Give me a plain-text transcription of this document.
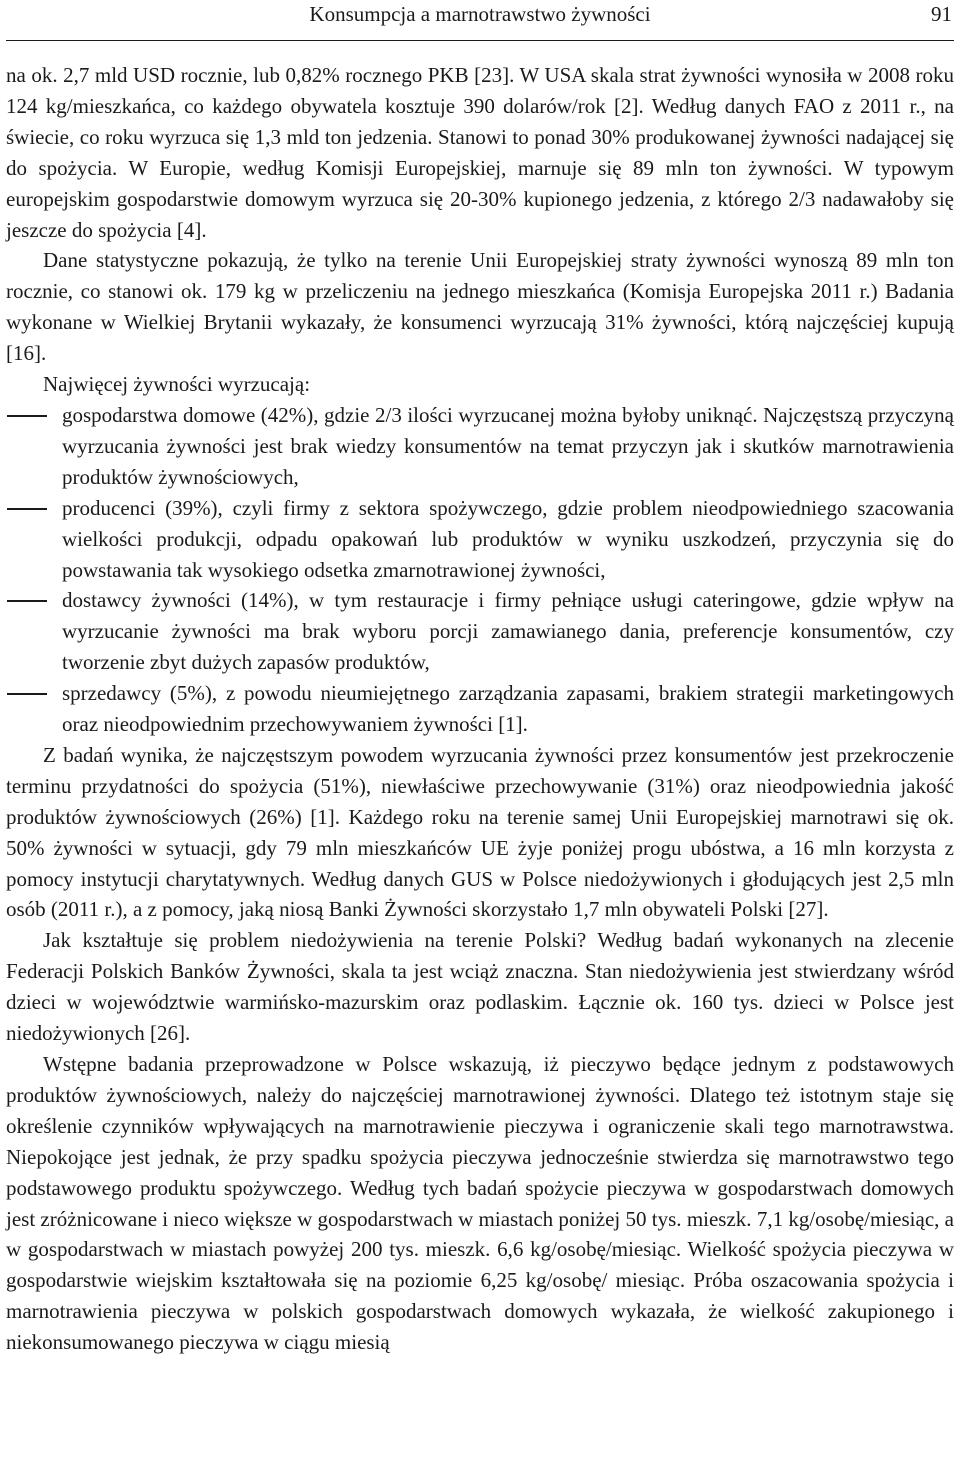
Konsumpcja a marnotrawstwo żywności	91

na ok. 2,7 mld USD rocznie, lub 0,82% rocznego PKB [23]. W USA skala strat żywności wynosiła w 2008 roku 124 kg/mieszkańca, co każdego obywatela kosztuje 390 dolarów/rok [2]. Według danych FAO z 2011 r., na świecie, co roku wyrzuca się 1,3 mld ton jedzenia. Stanowi to ponad 30% produkowanej żywności nadającej się do spożycia. W Europie, według Komisji Europejskiej, marnuje się 89 mln ton żywności. W typowym europejskim gospodarstwie domowym wyrzuca się 20-30% kupionego jedzenia, z którego 2/3 nadawałoby się jeszcze do spożycia [4].

Dane statystyczne pokazują, że tylko na terenie Unii Europejskiej straty żywności wynoszą 89 mln ton rocznie, co stanowi ok. 179 kg w przeliczeniu na jednego mieszkańca (Komisja Europejska 2011 r.) Badania wykonane w Wielkiej Brytanii wykazały, że konsumenci wyrzucają 31% żywności, którą najczęściej kupują [16].

Najwięcej żywności wyrzucają:

gospodarstwa domowe (42%), gdzie 2/3 ilości wyrzucanej można byłoby uniknąć. Najczęstszą przyczyną wyrzucania żywności jest brak wiedzy konsumentów na temat przyczyn jak i skutków marnotrawienia produktów żywnościowych,
producenci (39%), czyli firmy z sektora spożywczego, gdzie problem nieodpowiedniego szacowania wielkości produkcji, odpadu opakowań lub produktów w wyniku uszkodzeń, przyczynia się do powstawania tak wysokiego odsetka zmarnotrawionej żywności,
dostawcy żywności (14%), w tym restauracje i firmy pełniące usługi cateringowe, gdzie wpływ na wyrzucanie żywności ma brak wyboru porcji zamawianego dania, preferencje konsumentów, czy tworzenie zbyt dużych zapasów produktów,
sprzedawcy (5%), z powodu nieumiejętnego zarządzania zapasami, brakiem strategii marketingowych oraz nieodpowiednim przechowywaniem żywności [1].

Z badań wynika, że najczęstszym powodem wyrzucania żywności przez konsumentów jest przekroczenie terminu przydatności do spożycia (51%), niewłaściwe przechowywanie (31%) oraz nieodpowiednia jakość produktów żywnościowych (26%) [1]. Każdego roku na terenie samej Unii Europejskiej marnotrawi się ok. 50% żywności w sytuacji, gdy 79 mln mieszkańców UE żyje poniżej progu ubóstwa, a 16 mln korzysta z pomocy instytucji charytatywnych. Według danych GUS w Polsce niedożywionych i głodujących jest 2,5 mln osób (2011 r.), a z pomocy, jaką niosą Banki Żywności skorzystało 1,7 mln obywateli Polski [27].

Jak kształtuje się problem niedożywienia na terenie Polski? Według badań wykonanych na zlecenie Federacji Polskich Banków Żywności, skala ta jest wciąż znaczna. Stan niedożywienia jest stwierdzany wśród dzieci w województwie warmińsko-mazurskim oraz podlaskim. Łącznie ok. 160 tys. dzieci w Polsce jest niedożywionych [26].

Wstępne badania przeprowadzone w Polsce wskazują, iż pieczywo będące jednym z podstawowych produktów żywnościowych, należy do najczęściej marnotrawionej żywności. Dlatego też istotnym staje się określenie czynników wpływających na marnotrawienie pieczywa i ograniczenie skali tego marnotrawstwa. Niepokojące jest jednak, że przy spadku spożycia pieczywa jednocześnie stwierdza się marnotrawstwo tego podstawowego produktu spożywczego. Według tych badań spożycie pieczywa w gospodarstwach domowych jest zróżnicowane i nieco większe w gospodarstwach w miastach poniżej 50 tys. mieszk. 7,1 kg/osobę/miesiąc, a w gospodarstwach w miastach powyżej 200 tys. mieszk. 6,6 kg/osobę/miesiąc. Wielkość spożycia pieczywa w gospodarstwie wiejskim kształtowała się na poziomie 6,25 kg/osobę/ miesiąc. Próba oszacowania spożycia i marnotrawienia pieczywa w polskich gospodarstwach domowych wykazała, że wielkość zakupionego i niekonsumowanego pieczywa w ciągu miesią
